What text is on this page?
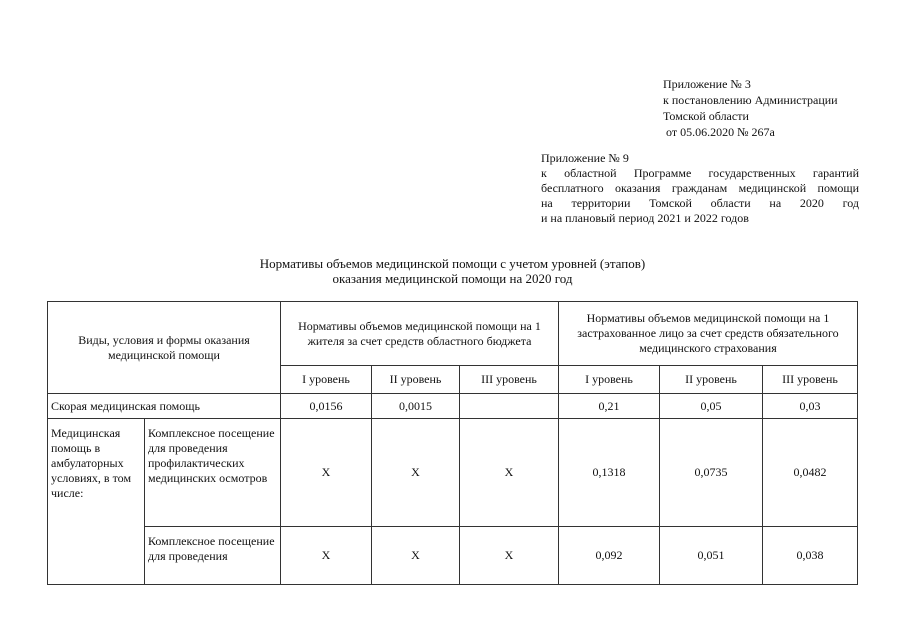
Приложение № 3
к постановлению Администрации
Томской области
от 05.06.2020 № 267а
Приложение № 9
к областной Программе государственных гарантий
бесплатного оказания гражданам медицинской помощи
на территории Томской области на 2020 год
и на плановый период 2021 и 2022 годов
Нормативы объемов медицинской помощи с учетом уровней (этапов)
оказания медицинской помощи на 2020 год
Виды, условия и формы оказания медицинской помощи		Нормативы объемов медицинской помощи на 1 жителя за счет средств областного бюджета			Нормативы объемов медицинской помощи на 1 застрахованное лицо за счет средств обязательного медицинского страхования		
		I уровень	II уровень	III уровень	I уровень	II уровень	III уровень
Скорая медицинская помощь		0,0156	0,0015		0,21	0,05	0,03
Медицинская помощь в амбулаторных условиях, в том числе:	Комплексное посещение для проведения профилактических медицинских осмотров	X	X	X	0,1318	0,0735	0,0482
	Комплексное посещение для проведения	X	X	X	0,092	0,051	0,038
